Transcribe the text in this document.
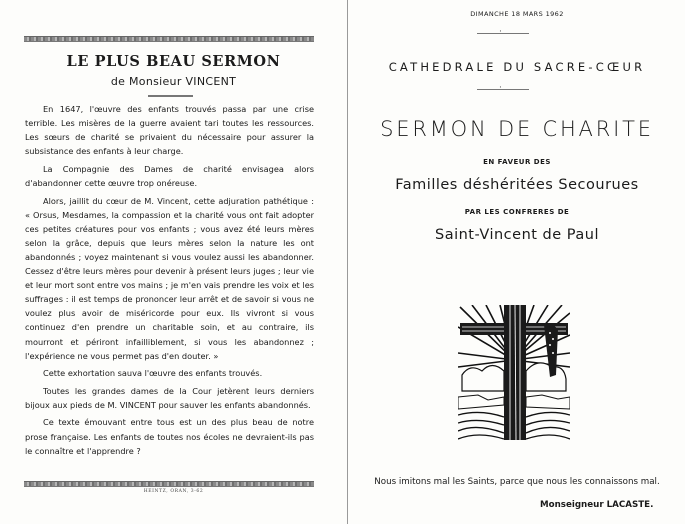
LE PLUS BEAU SERMON
de Monsieur VINCENT

En 1647, l'œuvre des enfants trouvés passa par une crise terrible. Les misères de la guerre avaient tari toutes les ressources. Les sœurs de charité se privaient du nécessaire pour assurer la subsistance des enfants à leur charge.

La Compagnie des Dames de charité envisagea alors d'abandonner cette œuvre trop onéreuse.

Alors, jaillit du cœur de M. Vincent, cette adjuration pathétique : « Orsus, Mesdames, la compassion et la charité vous ont fait adopter ces petites créatures pour vos enfants ; vous avez été leurs mères selon la grâce, depuis que leurs mères selon la nature les ont abandonnés ; voyez maintenant si vous voulez aussi les abandonner. Cessez d'être leurs mères pour devenir à présent leurs juges ; leur vie et leur mort sont entre vos mains ; je m'en vais prendre les voix et les suffrages : il est temps de prononcer leur arrêt et de savoir si vous ne voulez plus avoir de miséricorde pour eux. Ils vivront si vous continuez d'en prendre un charitable soin, et au contraire, ils mourront et périront infailliblement, si vous les abandonnez ; l'expérience ne vous permet pas d'en douter. »

Cette exhortation sauva l'œuvre des enfants trouvés.

Toutes les grandes dames de la Cour jetèrent leurs derniers bijoux aux pieds de M. VINCENT pour sauver les enfants abandonnés.

Ce texte émouvant entre tous est un des plus beau de notre prose française. Les enfants de toutes nos écoles ne devraient-ils pas le connaître et l'apprendre ?

HEINTZ, ORAN, 3-62
DIMANCHE 18 MARS 1962
·
CATHEDRALE DU SACRE-CŒUR
·
SERMON DE CHARITE
EN FAVEUR DES
Familles déshéritées Secourues
PAR LES CONFRERES DE
Saint-Vincent de Paul
Nous imitons mal les Saints, parce que nous les connaissons mal.
Monseigneur LACASTE.
